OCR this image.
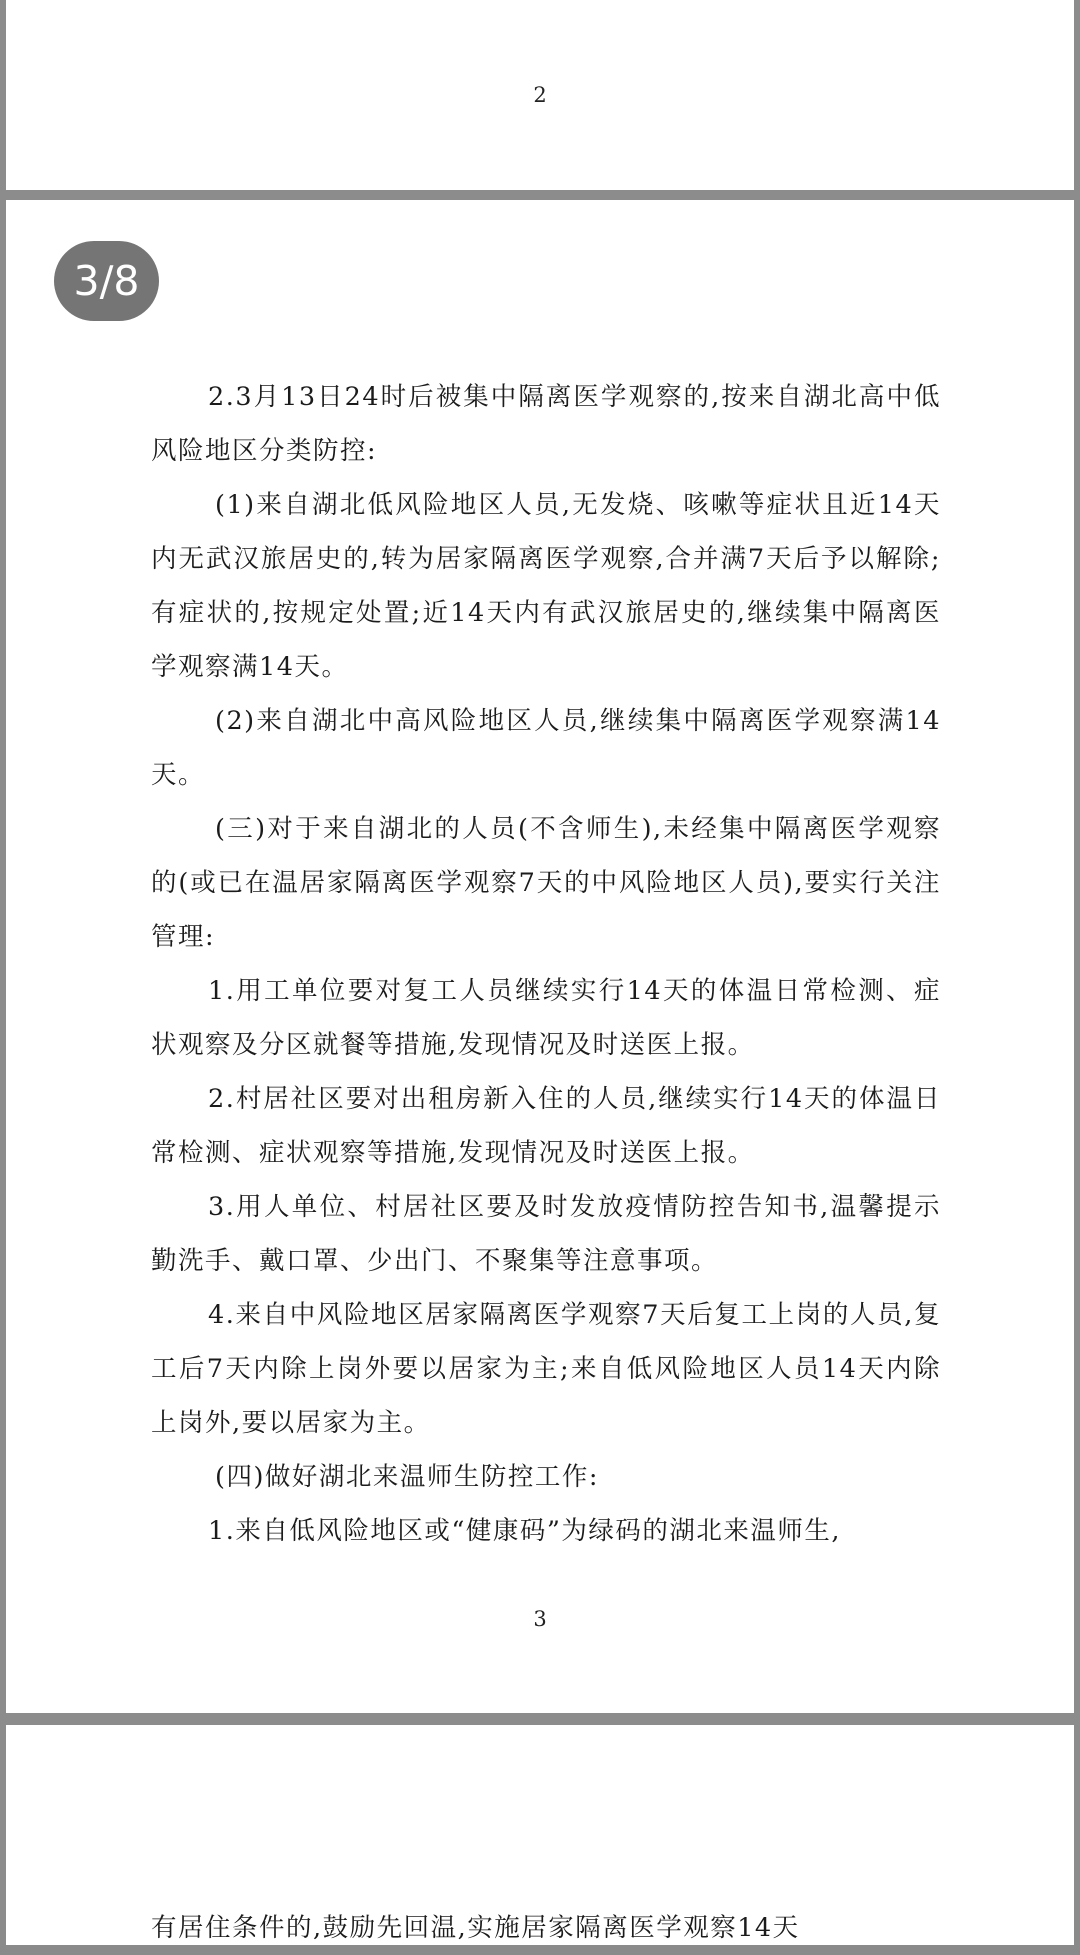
2

2.3月13日24时后被集中隔离医学观察的,按来自湖北高中低风险地区分类防控:

(1)来自湖北低风险地区人员,无发烧、咳嗽等症状且近14天内无武汉旅居史的,转为居家隔离医学观察,合并满7天后予以解除;有症状的,按规定处置;近14天内有武汉旅居史的,继续集中隔离医学观察满14天。

(2)来自湖北中高风险地区人员,继续集中隔离医学观察满14天。

(三)对于来自湖北的人员(不含师生),未经集中隔离医学观察的(或已在温居家隔离医学观察7天的中风险地区人员),要实行关注管理:

1.用工单位要对复工人员继续实行14天的体温日常检测、症状观察及分区就餐等措施,发现情况及时送医上报。

2.村居社区要对出租房新入住的人员,继续实行14天的体温日常检测、症状观察等措施,发现情况及时送医上报。

3.用人单位、村居社区要及时发放疫情防控告知书,温馨提示勤洗手、戴口罩、少出门、不聚集等注意事项。

4.来自中风险地区居家隔离医学观察7天后复工上岗的人员,复工后7天内除上岗外要以居家为主;来自低风险地区人员14天内除上岗外,要以居家为主。

(四)做好湖北来温师生防控工作:

1.来自低风险地区或“健康码”为绿码的湖北来温师生,

3
有居住条件的,鼓励先回温,实施居家隔离医学观察14天
3/8
